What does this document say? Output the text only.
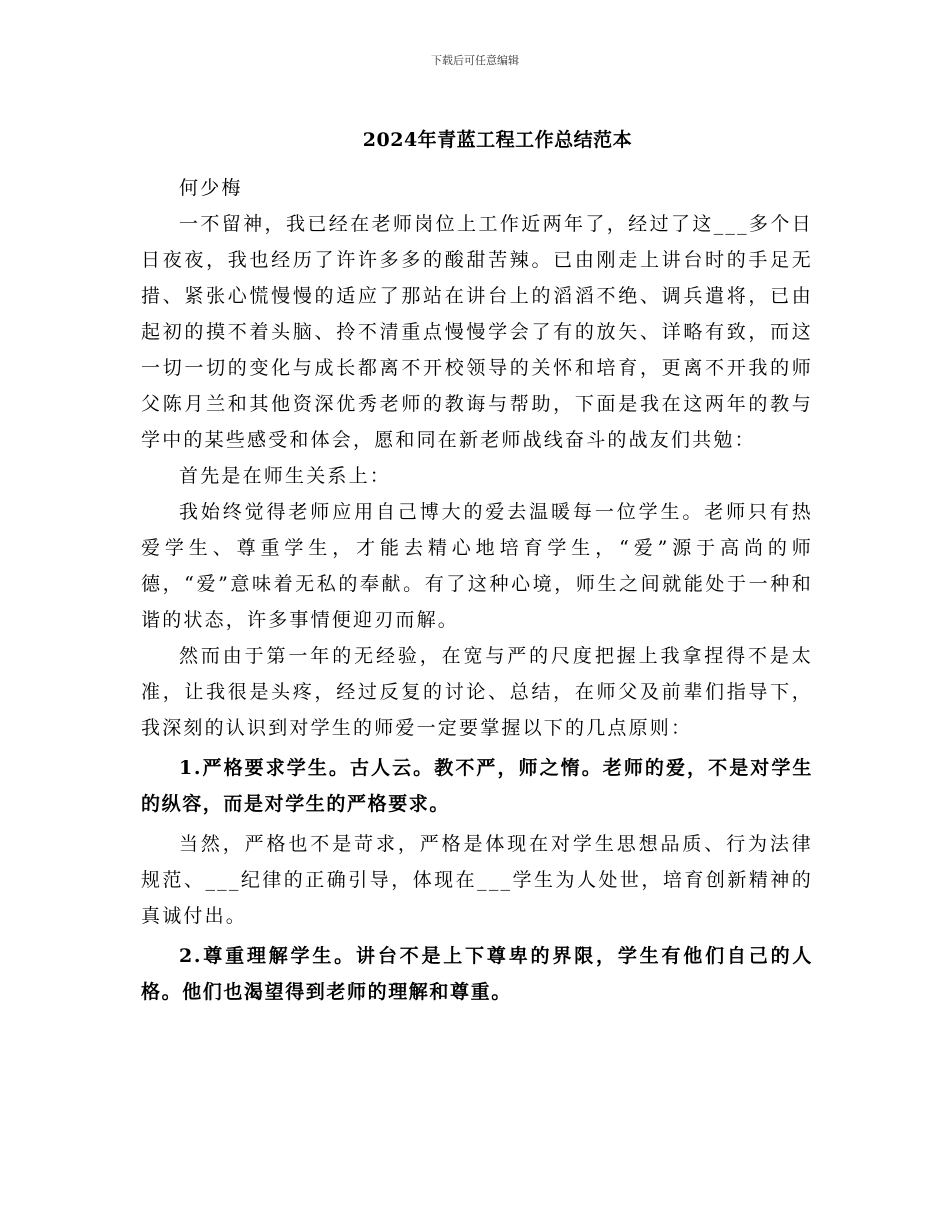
下载后可任意编辑
2024年青蓝工程工作总结范本

何少梅

一不留神，我已经在老师岗位上工作近两年了，经过了这___多个日日夜夜，我也经历了许许多多的酸甜苦辣。已由刚走上讲台时的手足无措、紧张心慌慢慢的适应了那站在讲台上的滔滔不绝、调兵遣将，已由起初的摸不着头脑、拎不清重点慢慢学会了有的放矢、详略有致，而这一切一切的变化与成长都离不开校领导的关怀和培育，更离不开我的师父陈月兰和其他资深优秀老师的教诲与帮助，下面是我在这两年的教与学中的某些感受和体会，愿和同在新老师战线奋斗的战友们共勉：

首先是在师生关系上：

我始终觉得老师应用自己博大的爱去温暖每一位学生。老师只有热爱学生、尊重学生，才能去精心地培育学生，“爱”源于高尚的师德，“爱”意味着无私的奉献。有了这种心境，师生之间就能处于一种和谐的状态，许多事情便迎刃而解。

然而由于第一年的无经验，在宽与严的尺度把握上我拿捏得不是太准，让我很是头疼，经过反复的讨论、总结，在师父及前辈们指导下，我深刻的认识到对学生的师爱一定要掌握以下的几点原则：

1.严格要求学生。古人云。教不严，师之惰。老师的爱，不是对学生的纵容，而是对学生的严格要求。

当然，严格也不是苛求，严格是体现在对学生思想品质、行为法律规范、___纪律的正确引导，体现在___学生为人处世，培育创新精神的真诚付出。

2.尊重理解学生。讲台不是上下尊卑的界限，学生有他们自己的人格。他们也渴望得到老师的理解和尊重。
